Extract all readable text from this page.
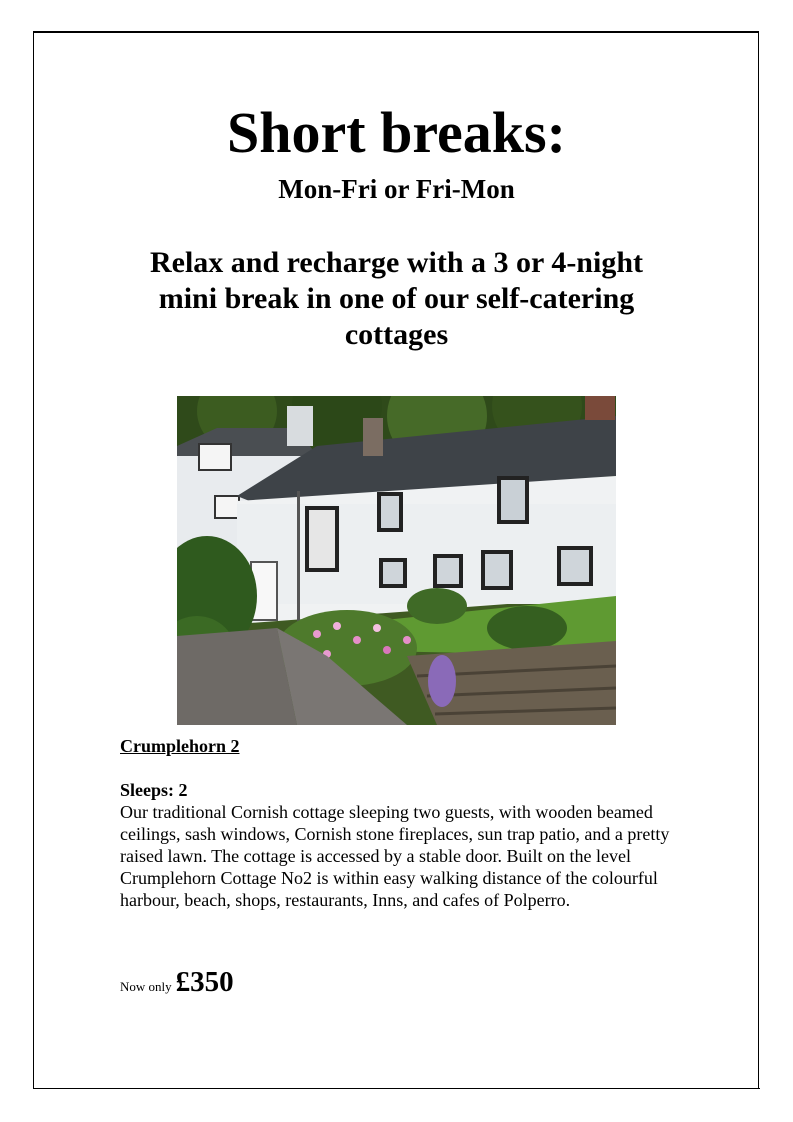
Short breaks:
Mon-Fri or Fri-Mon
Relax and recharge with a 3 or 4-night mini break in one of our self-catering cottages
Crumplehorn 2
Sleeps: 2
Our traditional Cornish cottage sleeping two guests, with wooden beamed ceilings, sash windows, Cornish stone fireplaces, sun trap patio, and a pretty raised lawn. The cottage is accessed by a stable door. Built on the level Crumplehorn Cottage No2 is within easy walking distance of the colourful harbour, beach, shops, restaurants, Inns, and cafes of Polperro.
Now only £350
